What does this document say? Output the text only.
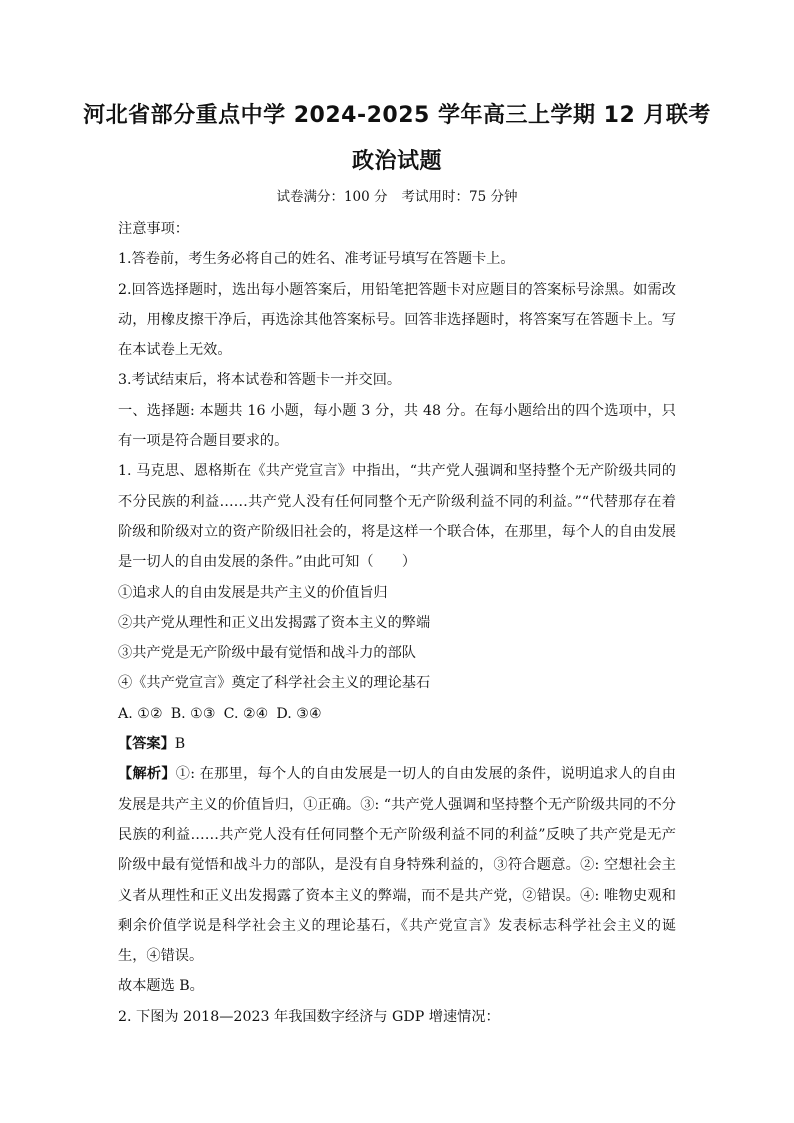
河北省部分重点中学 2024-2025 学年高三上学期 12 月联考
政治试题
试卷满分：100 分 考试用时：75 分钟

注意事项：

1.答卷前，考生务必将自己的姓名、准考证号填写在答题卡上。

2.回答选择题时，选出每小题答案后，用铅笔把答题卡对应题目的答案标号涂黑。如需改动，用橡皮擦干净后，再选涂其他答案标号。回答非选择题时，将答案写在答题卡上。写在本试卷上无效。

3.考试结束后，将本试卷和答题卡一并交回。

一、选择题: 本题共 16 小题，每小题 3 分，共 48 分。在每小题给出的四个选项中，只有一项是符合题目要求的。

1. 马克思、恩格斯在《共产党宣言》中指出，“共产党人强调和坚持整个无产阶级共同的不分民族的利益……共产党人没有任何同整个无产阶级利益不同的利益。”“代替那存在着阶级和阶级对立的资产阶级旧社会的，将是这样一个联合体，在那里，每个人的自由发展是一切人的自由发展的条件。”由此可知（　　）

①追求人的自由发展是共产主义的价值旨归

②共产党从理性和正义出发揭露了资本主义的弊端

③共产党是无产阶级中最有觉悟和战斗力的部队

④《共产党宣言》奠定了科学社会主义的理论基石

A. ①② B. ①③ C. ②④ D. ③④

【答案】B

【解析】①: 在那里，每个人的自由发展是一切人的自由发展的条件，说明追求人的自由发展是共产主义的价值旨归，①正确。③: “共产党人强调和坚持整个无产阶级共同的不分民族的利益……共产党人没有任何同整个无产阶级利益不同的利益”反映了共产党是无产阶级中最有觉悟和战斗力的部队，是没有自身特殊利益的，③符合题意。②: 空想社会主义者从理性和正义出发揭露了资本主义的弊端，而不是共产党，②错误。④: 唯物史观和剩余价值学说是科学社会主义的理论基石，《共产党宣言》发表标志科学社会主义的诞生，④错误。

故本题选 B。

2. 下图为 2018—2023 年我国数字经济与 GDP 增速情况：
